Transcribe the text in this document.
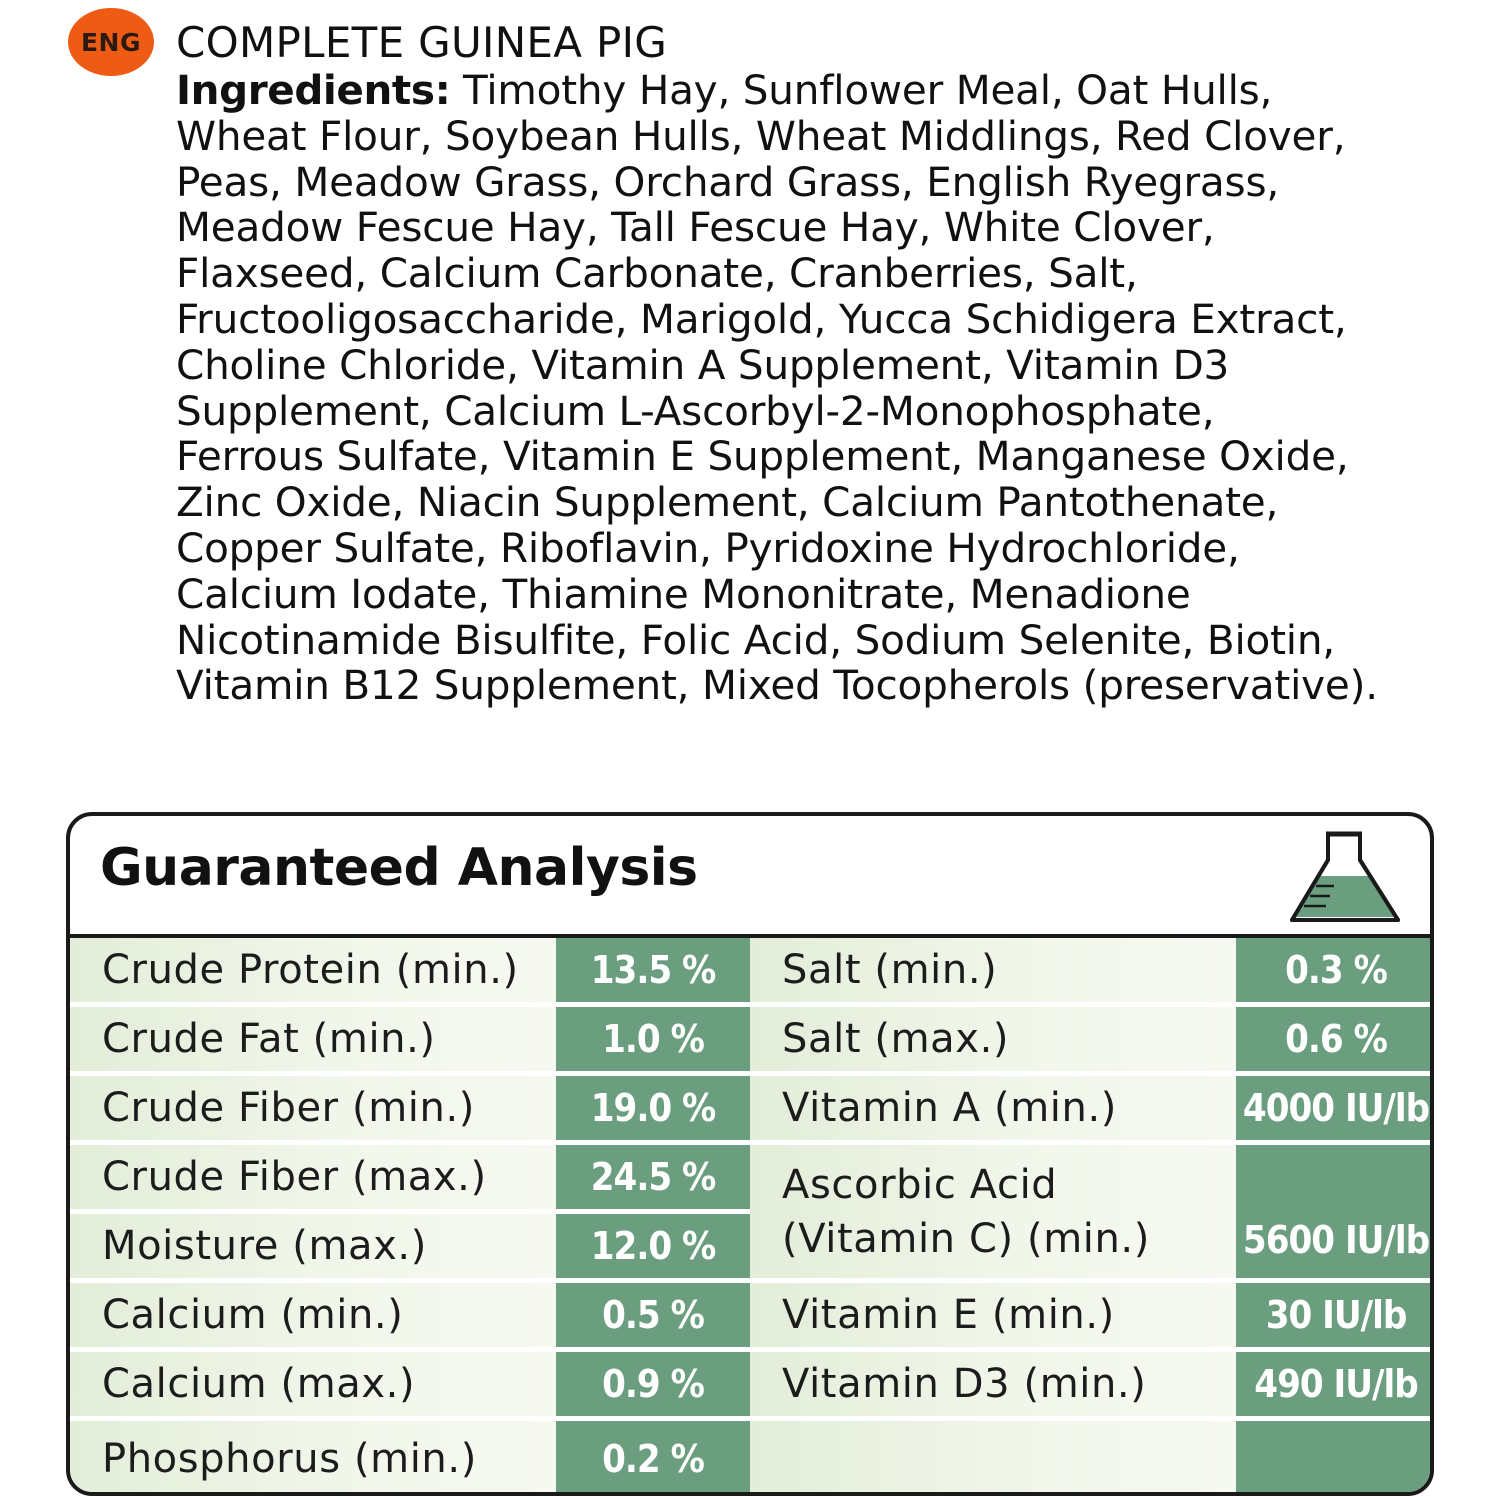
ENG COMPLETE GUINEA PIG
Ingredients: Timothy Hay, Sunflower Meal, Oat Hulls,
Wheat Flour, Soybean Hulls, Wheat Middlings, Red Clover,
Peas, Meadow Grass, Orchard Grass, English Ryegrass,
Meadow Fescue Hay, Tall Fescue Hay, White Clover,
Flaxseed, Calcium Carbonate, Cranberries, Salt,
Fructooligosaccharide, Marigold, Yucca Schidigera Extract,
Choline Chloride, Vitamin A Supplement, Vitamin D3
Supplement, Calcium L-Ascorbyl-2-Monophosphate,
Ferrous Sulfate, Vitamin E Supplement, Manganese Oxide,
Zinc Oxide, Niacin Supplement, Calcium Pantothenate,
Copper Sulfate, Riboflavin, Pyridoxine Hydrochloride,
Calcium Iodate, Thiamine Mononitrate, Menadione
Nicotinamide Bisulfite, Folic Acid, Sodium Selenite, Biotin,
Vitamin B12 Supplement, Mixed Tocopherols (preservative).
Guaranteed Analysis
Crude Protein (min.)	13.5 %
Crude Fat (min.)	1.0 %
Crude Fiber (min.)	19.0 %
Crude Fiber (max.)	24.5 %
Moisture (max.)	12.0 %
Calcium (min.)	0.5 %
Calcium (max.)	0.9 %
Phosphorus (min.)	0.2 %
Salt (min.)	0.3 %
Salt (max.)	0.6 %
Vitamin A (min.)	4000 IU/lb
Ascorbic Acid
(Vitamin C) (min.) 5600 IU/lb
Vitamin E (min.)	30 IU/lb
Vitamin D3 (min.)	490 IU/lb
